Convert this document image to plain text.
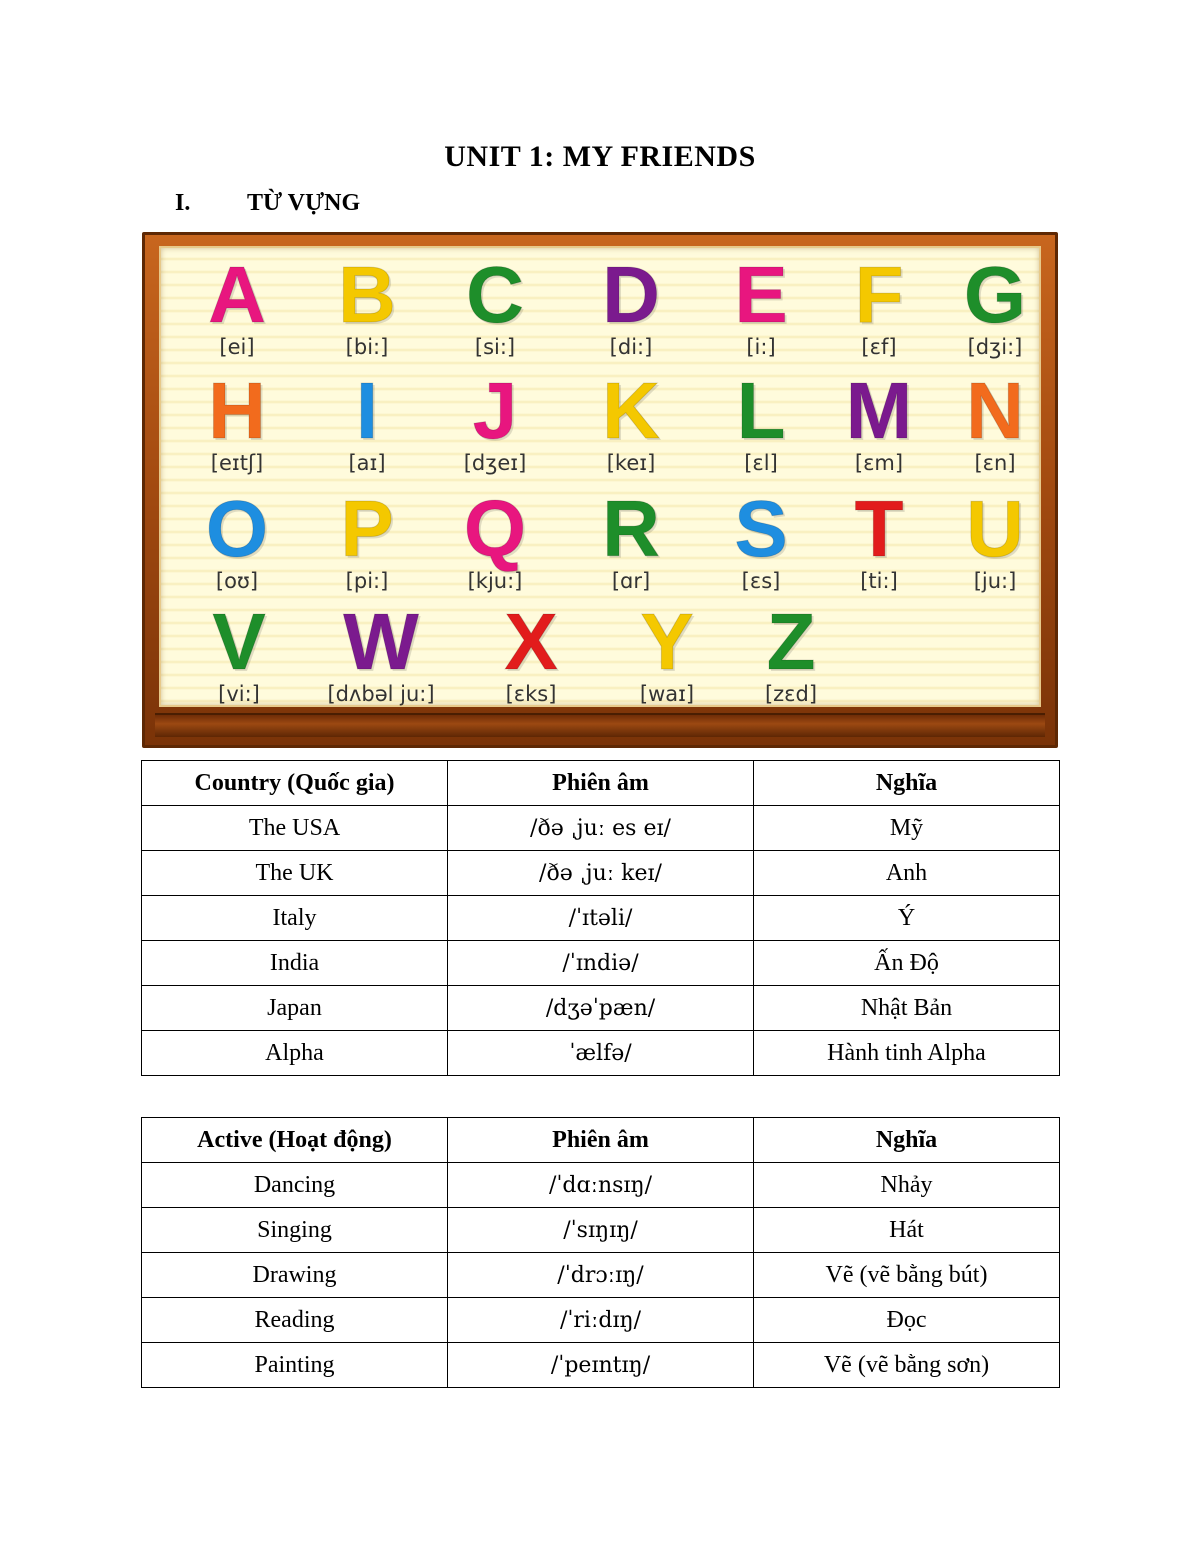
UNIT 1: MY FRIENDS
I. TỪ VỰNG
A
[ei]
B
[bi:]
C
[si:]
D
[di:]
E
[i:]
F
[ɛf]
G
[dʒi:]
H
[eɪtʃ]
I
[aɪ]
J
[dʒeɪ]
K
[keɪ]
L
[ɛl]
M
[ɛm]
N
[ɛn]
O
[oʊ]
P
[pi:]
Q
[kju:]
R
[ɑr]
S
[ɛs]
T
[ti:]
U
[ju:]
V
[vi:]
W
[dʌbəl ju:]
X
[ɛks]
Y
[waɪ]
Z
[zɛd]
Country (Quốc gia)	Phiên âm	Nghĩa
The USA	/ðə ˌjuː es eɪ/	Mỹ
The UK	/ðə ˌjuː keɪ/	Anh
Italy	/ˈɪtəli/	Ý
India	/ˈɪndiə/	Ấn Độ
Japan	/dʒəˈpæn/	Nhật Bản
Alpha	ˈælfə/	Hành tinh Alpha
Active (Hoạt động)	Phiên âm	Nghĩa
Dancing	/ˈdɑːnsɪŋ/	Nhảy
Singing	/ˈsɪŋɪŋ/	Hát
Drawing	/ˈdrɔːɪŋ/	Vẽ (vẽ bằng bút)
Reading	/ˈriːdɪŋ/	Đọc
Painting	/ˈpeɪntɪŋ/	Vẽ (vẽ bằng sơn)
